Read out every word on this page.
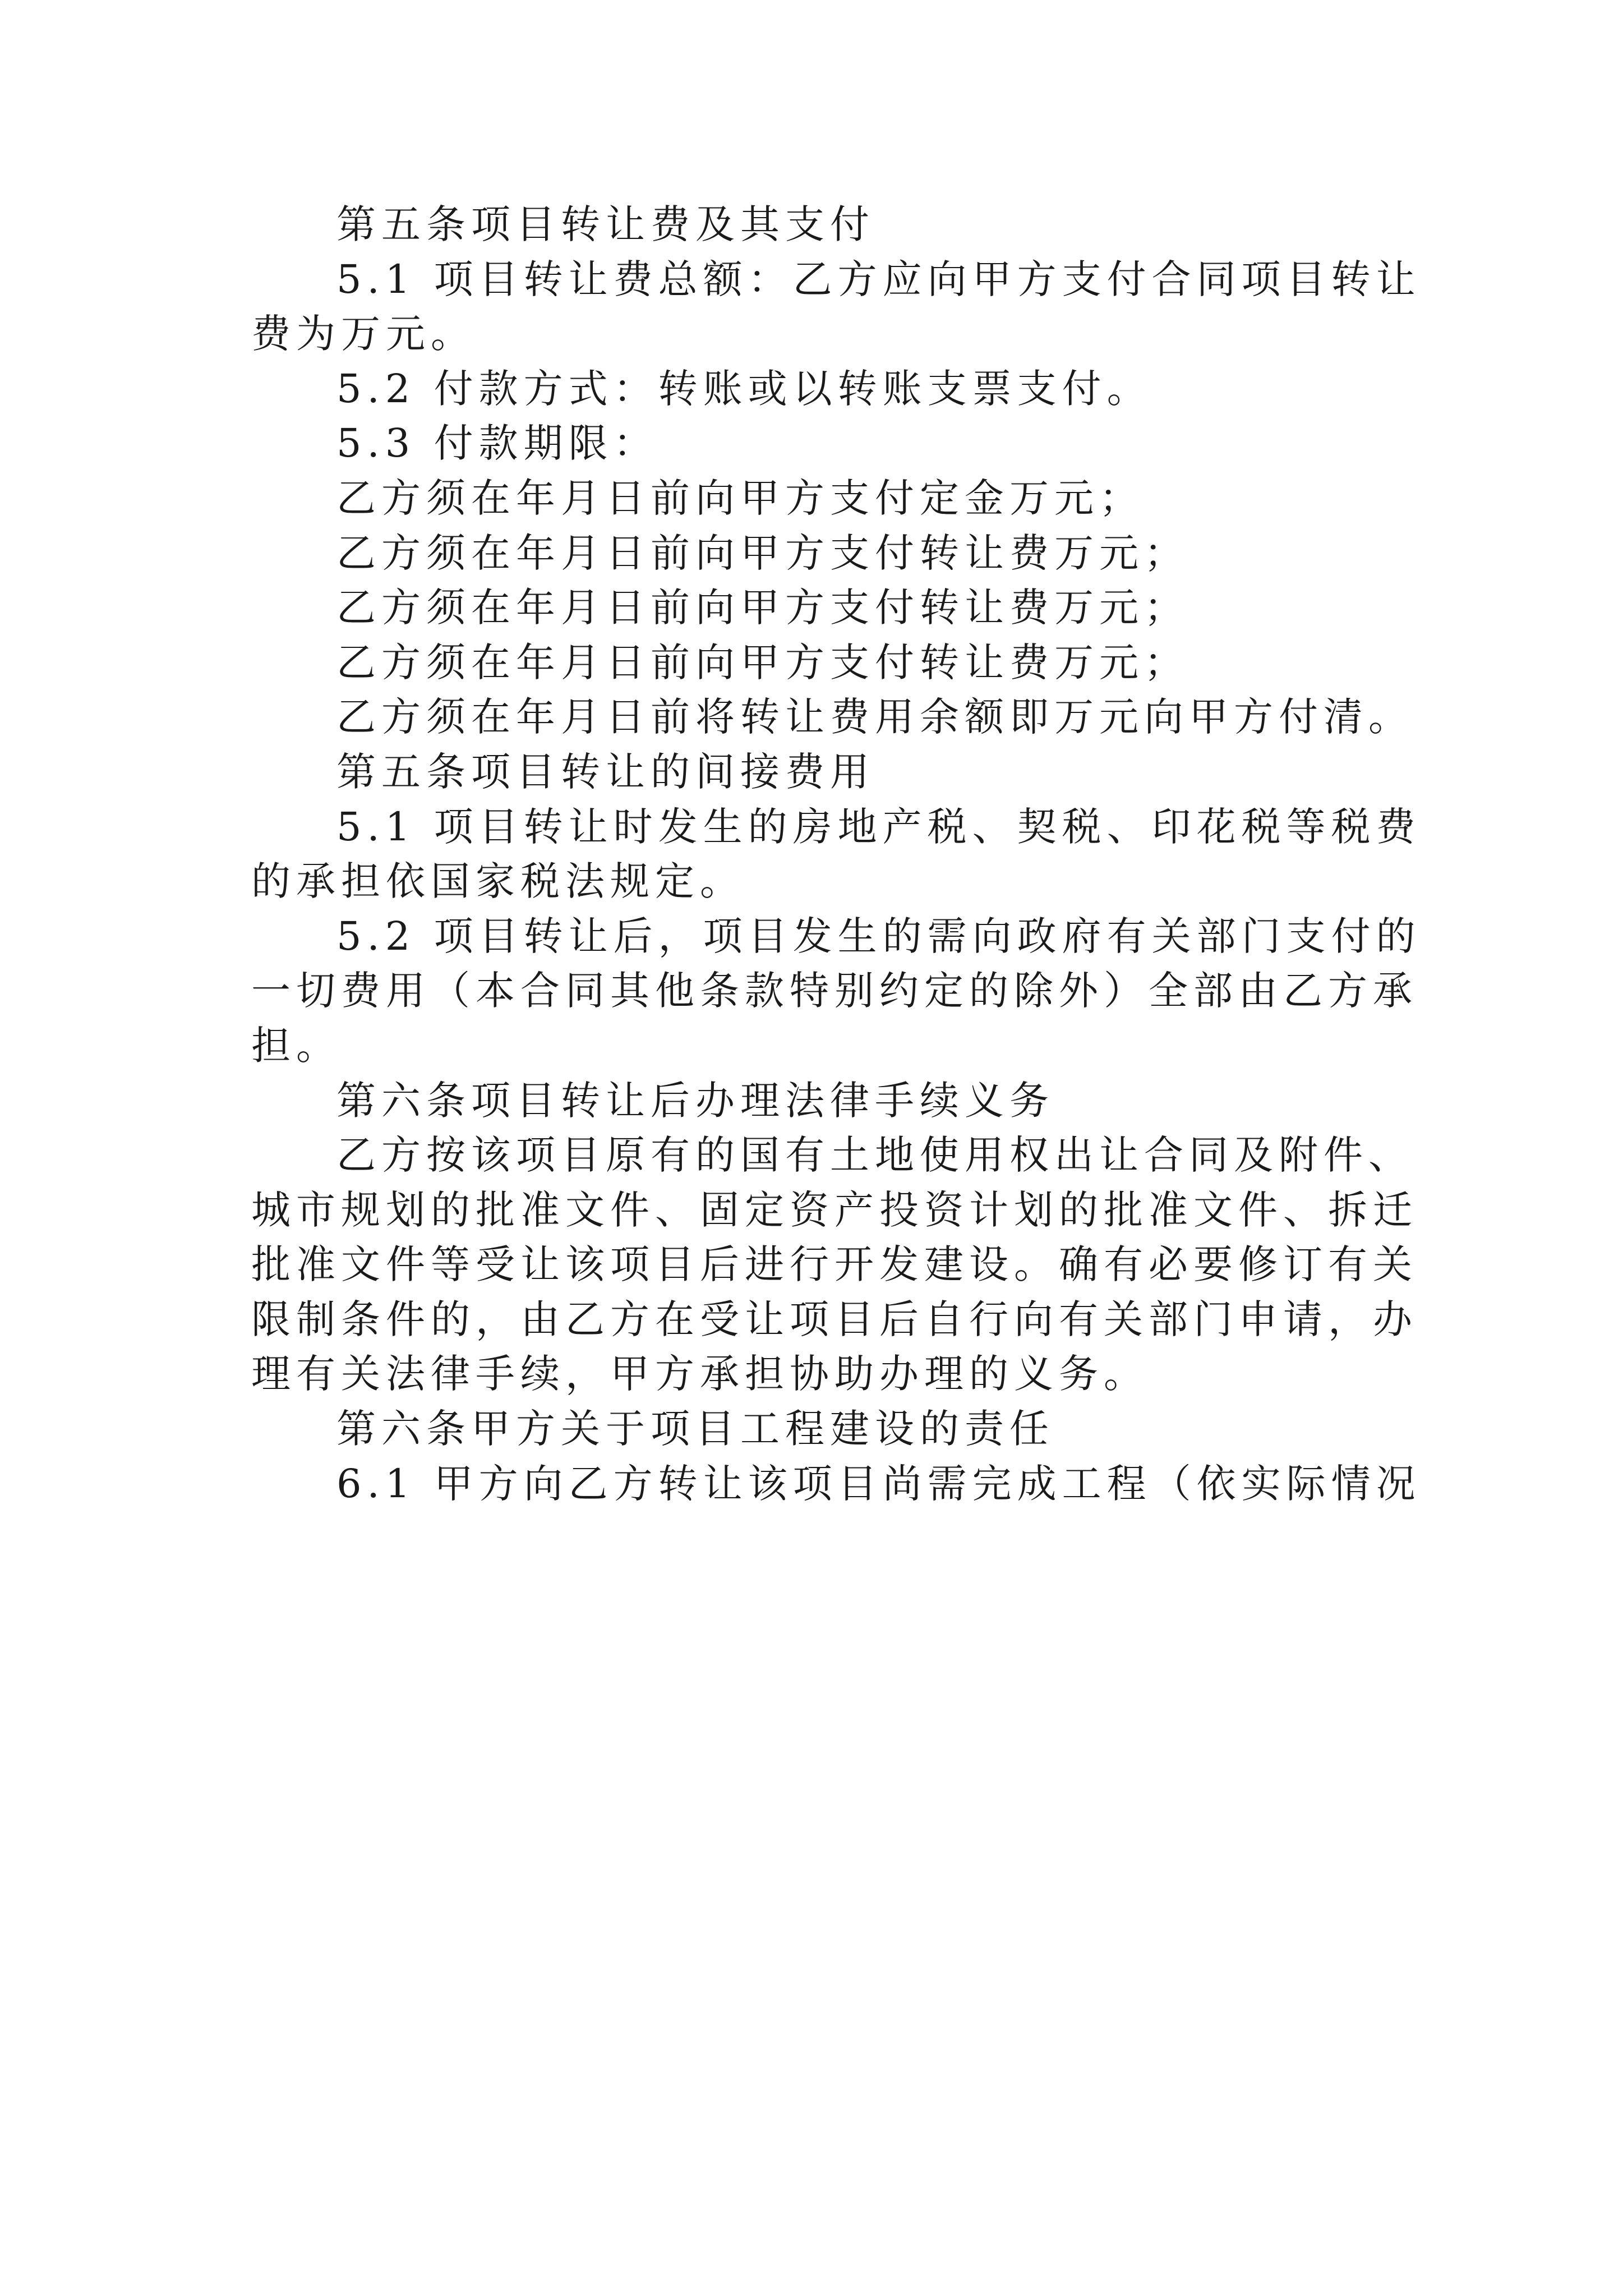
第五条项目转让费及其支付

5.1 项目转让费总额：乙方应向甲方支付合同项目转让
费为万元。

5.2 付款方式：转账或以转账支票支付。

5.3 付款期限：

乙方须在年月日前向甲方支付定金万元；

乙方须在年月日前向甲方支付转让费万元；

乙方须在年月日前向甲方支付转让费万元；

乙方须在年月日前向甲方支付转让费万元；

乙方须在年月日前将转让费用余额即万元向甲方付清。

第五条项目转让的间接费用

5.1 项目转让时发生的房地产税、契税、印花税等税费
的承担依国家税法规定。

5.2 项目转让后，项目发生的需向政府有关部门支付的
一切费用（本合同其他条款特别约定的除外）全部由乙方承
担。

第六条项目转让后办理法律手续义务

乙方按该项目原有的国有土地使用权出让合同及附件、
城市规划的批准文件、固定资产投资计划的批准文件、拆迁
批准文件等受让该项目后进行开发建设。确有必要修订有关
限制条件的，由乙方在受让项目后自行向有关部门申请，办
理有关法律手续，甲方承担协助办理的义务。

第六条甲方关于项目工程建设的责任

6.1 甲方向乙方转让该项目尚需完成工程（依实际情况
